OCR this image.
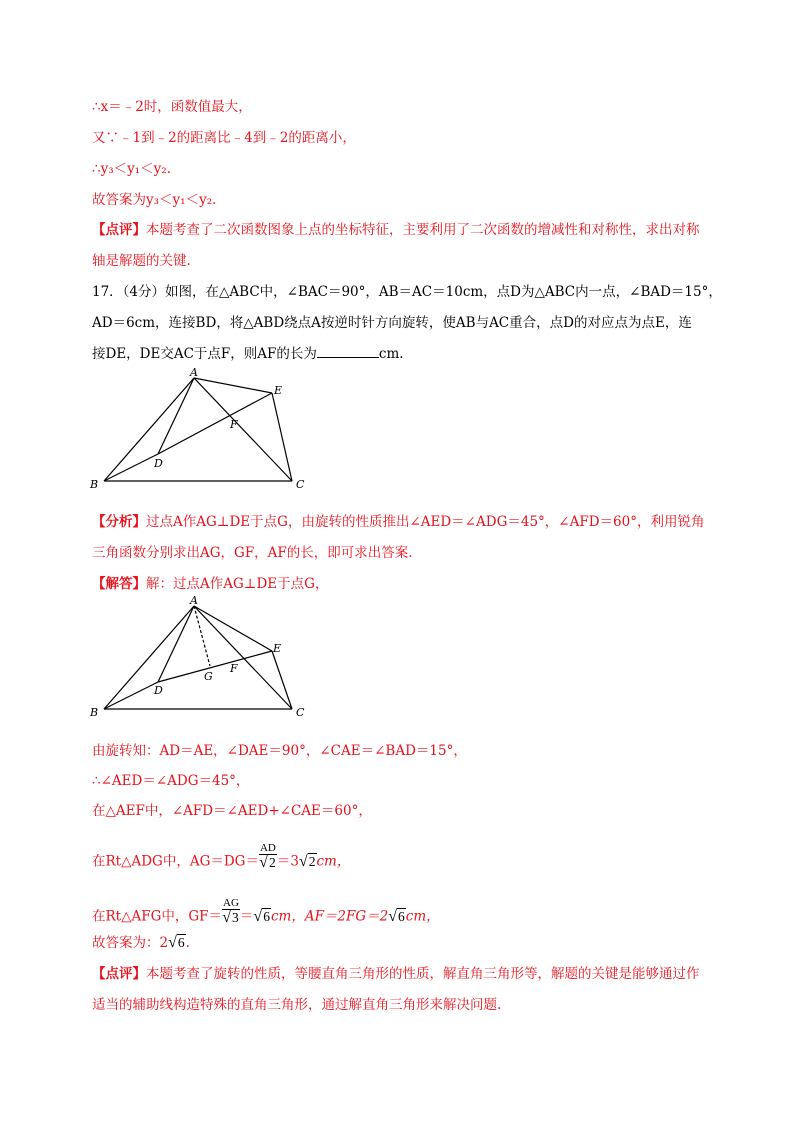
∴x＝﹣2时，函数值最大，
又∵﹣1到﹣2的距离比﹣4到﹣2的距离小，
∴y₃＜y₁＜y₂.
故答案为y₃＜y₁＜y₂.
【点评】本题考查了二次函数图象上点的坐标特征，主要利用了二次函数的增减性和对称性，求出对称
轴是解题的关键.
17．（4分）如图，在△ABC中，∠BAC＝90°，AB＝AC＝10cm，点D为△ABC内一点，∠BAD＝15°，
AD＝6cm，连接BD，将△ABD绕点A按逆时针方向旋转，使AB与AC重合，点D的对应点为点E，连
接DE，DE交AC于点F，则AF的长为	cm.
A
B	C
D
E
F
【分析】过点A作AG⊥DE于点G，由旋转的性质推出∠AED＝∠ADG＝45°，∠AFD＝60°，利用锐角
三角函数分别求出AG，GF，AF的长，即可求出答案.
【解答】解：过点A作AG⊥DE于点G，
A
B	C
D
E
F
G
由旋转知：AD＝AE，∠DAE＝90°，∠CAE＝∠BAD＝15°，
∴∠AED＝∠ADG＝45°，
在△AEF中，∠AFD＝∠AED+∠CAE＝60°，
在Rt△ADG中，$AG=DG= \frac{AD}{√2} =3√2cm$，
在Rt△AFG中，$GF= \frac{AG}{√3} =√6cm$，AF＝2FG＝2√6cm，
故答案为：2√6.
【点评】本题考查了旋转的性质，等腰直角三角形的性质，解直角三角形等，解题的关键是能够通过作
适当的辅助线构造特殊的直角三角形，通过解直角三角形来解决问题.
